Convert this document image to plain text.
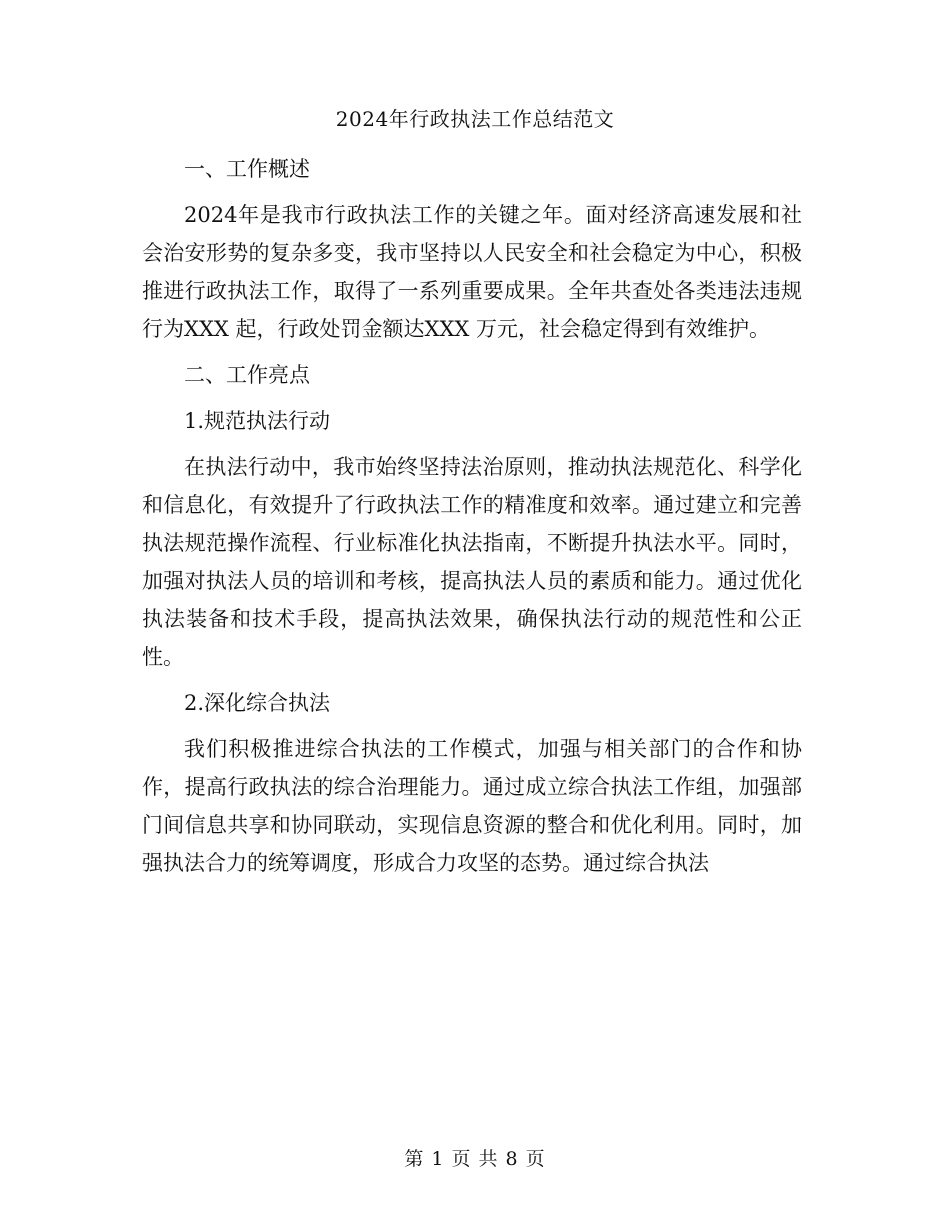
2024年行政执法工作总结范文
一、工作概述

2024年是我市行政执法工作的关键之年。面对经济高速发展和社会治安形势的复杂多变，我市坚持以人民安全和社会稳定为中心，积极推进行政执法工作，取得了一系列重要成果。全年共查处各类违法违规行为XXX 起，行政处罚金额达XXX 万元，社会稳定得到有效维护。

二、工作亮点
1.规范执法行动

在执法行动中，我市始终坚持法治原则，推动执法规范化、科学化和信息化，有效提升了行政执法工作的精准度和效率。通过建立和完善执法规范操作流程、行业标准化执法指南，不断提升执法水平。同时，加强对执法人员的培训和考核，提高执法人员的素质和能力。通过优化执法装备和技术手段，提高执法效果，确保执法行动的规范性和公正性。

2.深化综合执法

我们积极推进综合执法的工作模式，加强与相关部门的合作和协作，提高行政执法的综合治理能力。通过成立综合执法工作组，加强部门间信息共享和协同联动，实现信息资源的整合和优化利用。同时，加强执法合力的统筹调度，形成合力攻坚的态势。通过综合执法

第 1 页 共 8 页
